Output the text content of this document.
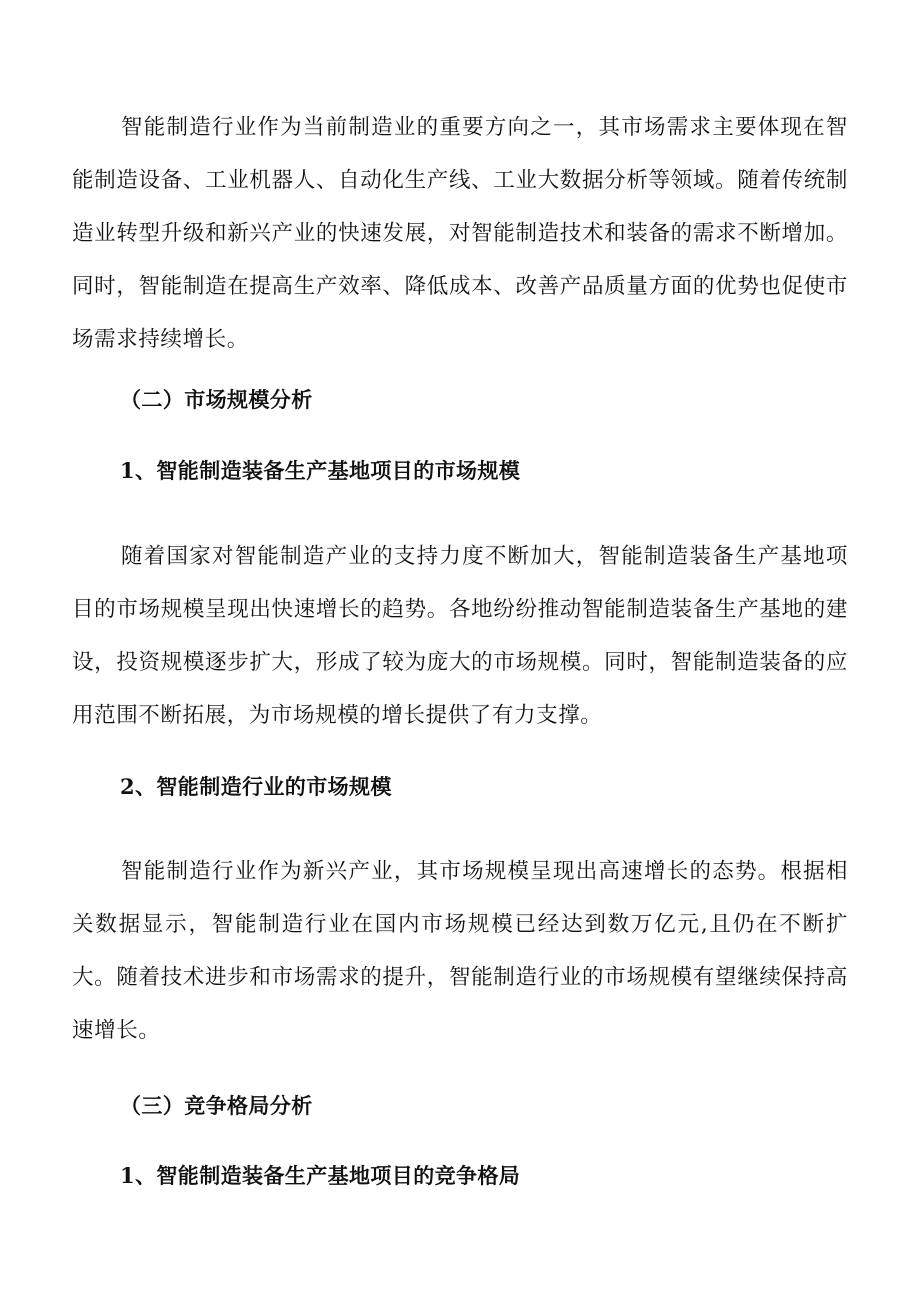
智能制造行业作为当前制造业的重要方向之一，其市场需求主要体现在智能制造设备、工业机器人、自动化生产线、工业大数据分析等领域。随着传统制造业转型升级和新兴产业的快速发展，对智能制造技术和装备的需求不断增加。同时，智能制造在提高生产效率、降低成本、改善产品质量方面的优势也促使市场需求持续增长。

（二）市场规模分析
1、智能制造装备生产基地项目的市场规模

随着国家对智能制造产业的支持力度不断加大，智能制造装备生产基地项目的市场规模呈现出快速增长的趋势。各地纷纷推动智能制造装备生产基地的建设，投资规模逐步扩大，形成了较为庞大的市场规模。同时，智能制造装备的应用范围不断拓展，为市场规模的增长提供了有力支撑。

2、智能制造行业的市场规模

智能制造行业作为新兴产业，其市场规模呈现出高速增长的态势。根据相关数据显示，智能制造行业在国内市场规模已经达到数万亿元,且仍在不断扩大。随着技术进步和市场需求的提升，智能制造行业的市场规模有望继续保持高速增长。

（三）竞争格局分析
1、智能制造装备生产基地项目的竞争格局
